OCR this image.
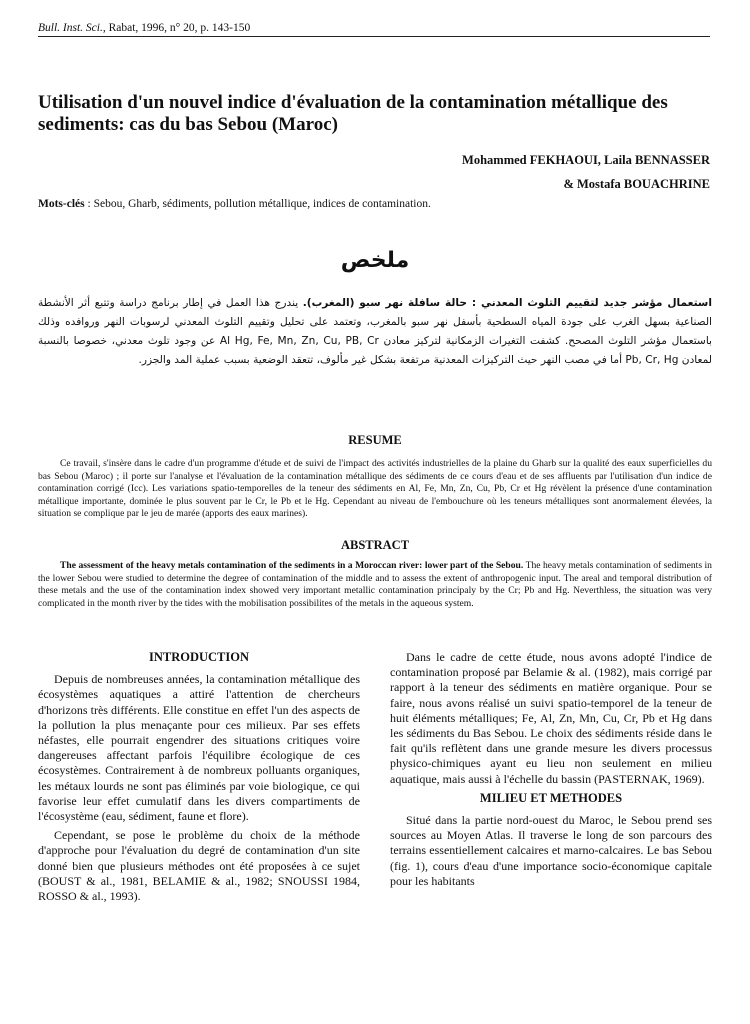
Bull. Inst. Sci., Rabat, 1996, n° 20, p. 143-150
Utilisation d'un nouvel indice d'évaluation de la contamination métallique des sediments: cas du bas Sebou (Maroc)
Mohammed FEKHAOUI, Laila BENNASSER
& Mostafa BOUACHRINE
Mots-clés : Sebou, Gharb, sédiments, pollution métallique, indices de contamination.
ملخص
استعمال مؤشر جديد لتقييم التلوث المعدني : حالة سافلة نهر سبو (المغرب). يندرج هذا العمل في إطار برنامج دراسة وتتبع أثر الأنشطة الصناعية بسهل الغرب على جودة المياه السطحية بأسفل نهر سبو بالمغرب، وتعتمد على تحليل وتقييم التلوث المعدني لرسوبات النهر وروافده وذلك باستعمال مؤشر التلوث المصحح. كشفت التغيرات الزمكانية لتركيز معادن Al Hg, Fe, Mn, Zn, Cu, PB, Cr عن وجود تلوث معدني، خصوصا بالنسبة لمعادن Pb, Cr, Hg أما في مصب النهر حيث التركيزات المعدنية مرتفعة بشكل غير مألوف، تتعقد الوضعية بسبب عملية المد والجزر.
RESUME
Ce travail, s'insère dans le cadre d'un programme d'étude et de suivi de l'impact des activités industrielles de la plaine du Gharb sur la qualité des eaux superficielles du bas Sebou (Maroc) ; il porte sur l'analyse et l'évaluation de la contamination métallique des sédiments de ce cours d'eau et de ses affluents par l'utilisation d'un indice de contamination corrigé (Icc). Les variations spatio-temporelles de la teneur des sédiments en Al, Fe, Mn, Zn, Cu, Pb, Cr et Hg révèlent la présence d'une contamination métallique importante, dominée le plus souvent par le Cr, le Pb et le Hg. Cependant au niveau de l'embouchure où les teneurs métalliques sont anormalement élevées, la situation se complique par le jeu de marée (apports des eaux marines).
ABSTRACT
The assessment of the heavy metals contamination of the sediments in a Moroccan river: lower part of the Sebou. The heavy metals contamination of sediments in the lower Sebou were studied to determine the degree of contamination of the middle and to assess the extent of anthropogenic input. The areal and temporal distribution of these metals and the use of the contamination index showed very important metallic contamination principaly by the Cr; Pb and Hg. Neverthless, the situation was very complicated in the month river by the tides with the mobilisation possibilites of the metals in the aqueous system.
INTRODUCTION

Depuis de nombreuses années, la contamination métallique des écosystèmes aquatiques a attiré l'attention de chercheurs d'horizons très différents. Elle constitue en effet l'un des aspects de la pollution la plus menaçante pour ces milieux. Par ses effets néfastes, elle pourrait engendrer des situations critiques voire dangereuses affectant parfois l'équilibre écologique de ces écosystèmes. Contrairement à de nombreux polluants organiques, les métaux lourds ne sont pas éliminés par voie biologique, ce qui favorise leur effet cumulatif dans les divers compartiments de l'écosystème (eau, sédiment, faune et flore).

Cependant, se pose le problème du choix de la méthode d'approche pour l'évaluation du degré de contamination d'un site donné bien que plusieurs méthodes ont été proposées à ce sujet (BOUST & al., 1981, BELAMIE & al., 1982; SNOUSSI 1984, ROSSO & al., 1993).

Dans le cadre de cette étude, nous avons adopté l'indice de contamination proposé par Belamie & al. (1982), mais corrigé par rapport à la teneur des sédiments en matière organique. Pour se faire, nous avons réalisé un suivi spatio-temporel de la teneur de huit éléments métalliques; Fe, Al, Zn, Mn, Cu, Cr, Pb et Hg dans les sédiments du Bas Sebou. Le choix des sédiments réside dans le fait qu'ils reflètent dans une grande mesure les divers processus physico-chimiques ayant eu lieu non seulement en milieu aquatique, mais aussi à l'échelle du bassin (PASTERNAK, 1969).

MILIEU ET METHODES

Situé dans la partie nord-ouest du Maroc, le Sebou prend ses sources au Moyen Atlas. Il traverse le long de son parcours des terrains essentiellement calcaires et marno-calcaires. Le bas Sebou (fig. 1), cours d'eau d'une importance socio-économique capitale pour les habitants
